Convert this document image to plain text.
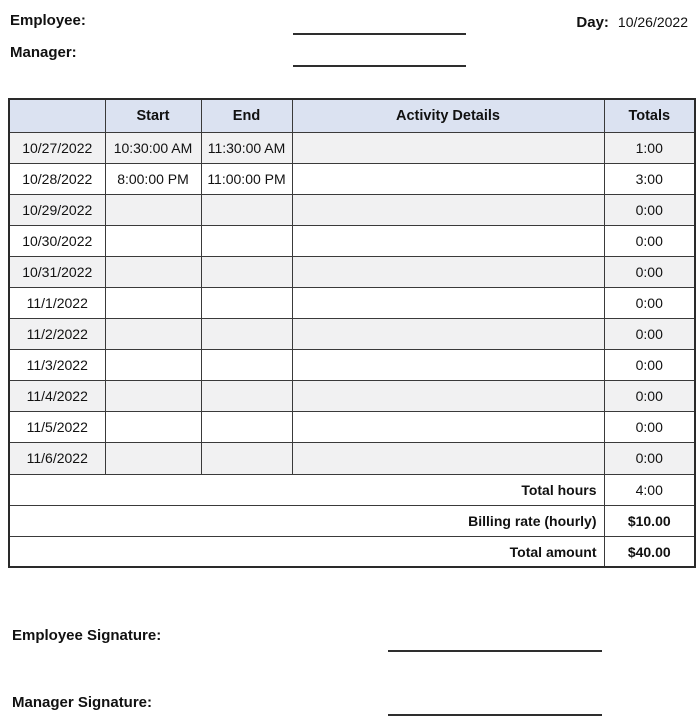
Employee:
Manager:
Day: 10/26/2022
	Start	End	Activity Details	Totals
10/27/2022	10:30:00 AM	11:30:00 AM		1:00
10/28/2022	8:00:00 PM	11:00:00 PM		3:00
10/29/2022				0:00
10/30/2022				0:00
10/31/2022				0:00
11/1/2022				0:00
11/2/2022				0:00
11/3/2022				0:00
11/4/2022				0:00
11/5/2022				0:00
11/6/2022				0:00
Total hours				4:00
Billing rate (hourly)				$10.00
Total amount				$40.00
Employee Signature:
Manager Signature:
